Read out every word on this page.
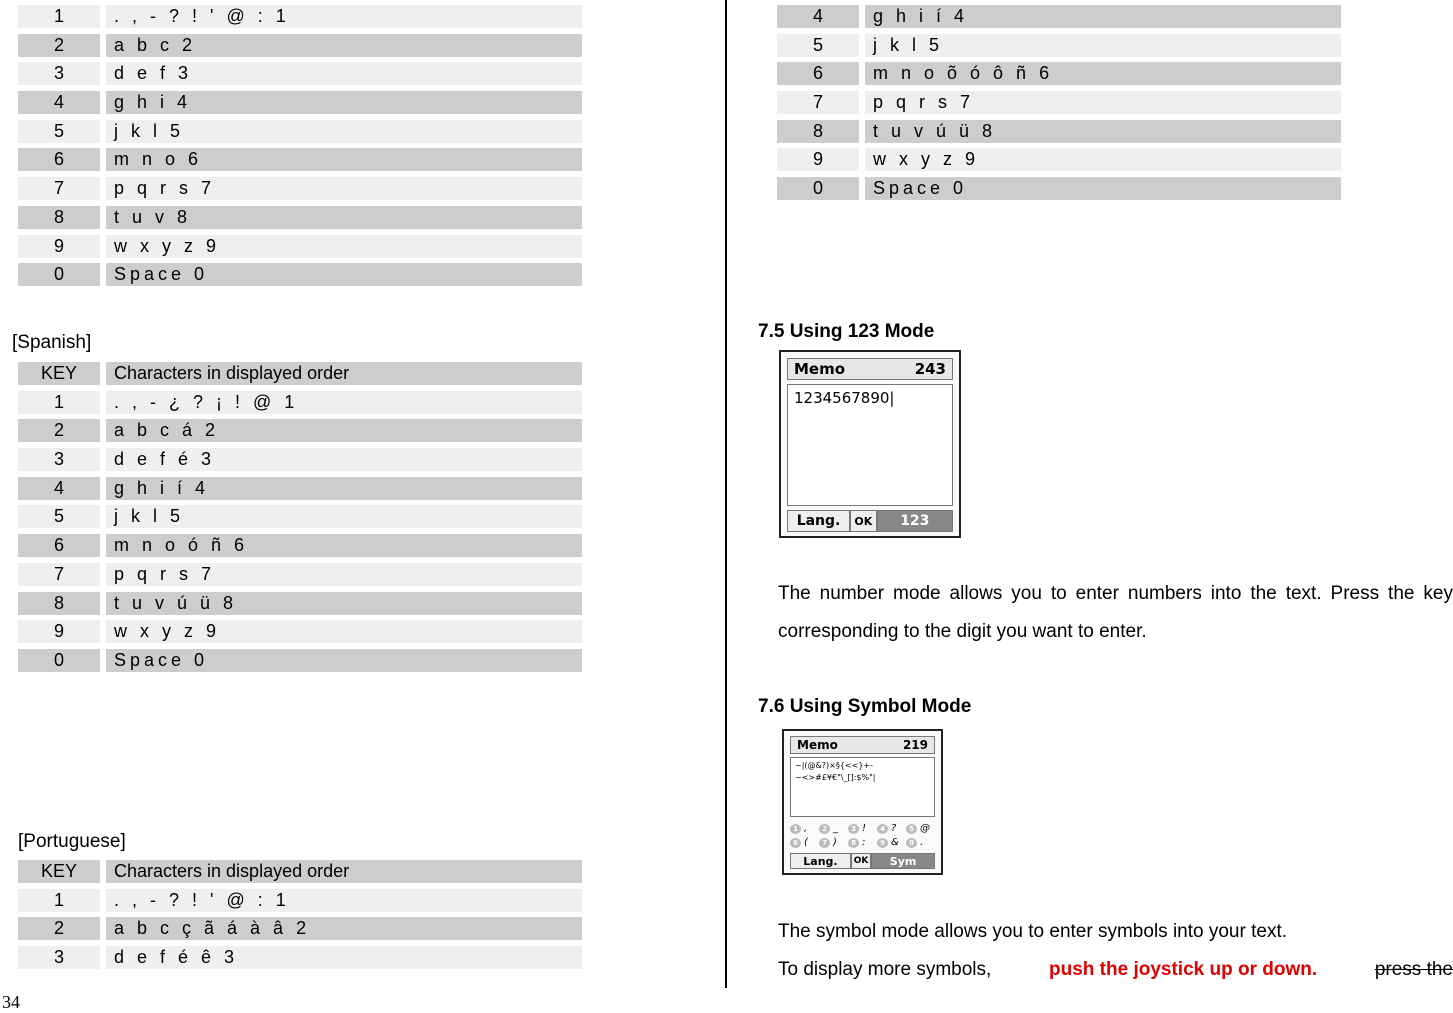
1	. , - ? ! ' @ : 1
2	a b c 2
3	d e f 3
4	g h i 4
5	j k l 5
6	m n o 6
7	p q r s 7
8	t u v 8
9	w x y z 9
0	Space 0
[Spanish]
KEY	Characters in displayed order
1	. , - ¿ ? ¡ ! @ 1
2	a b c á 2
3	d e f é 3
4	g h i í 4
5	j k l 5
6	m n o ó ñ 6
7	p q r s 7
8	t u v ú ü 8
9	w x y z 9
0	Space 0
[Portuguese]
KEY	Characters in displayed order
1	. , - ? ! ' @ : 1
2	a b c ç ã á à â 2
3	d e f é ê 3
34
4	g h i í 4
5	j k l 5
6	m n o õ ó ô ñ 6
7	p q r s 7
8	t u v ú ü 8
9	w x y z 9
0	Space 0
7.5 Using 123 Mode
Memo	243
1234567890|
Lang.	OK	123
The number mode allows you to enter numbers into the text. Press the key corresponding to the digit you want to enter.
7.6 Using Symbol Mode
Memo	219
~|(@&?)×§{<<}+-
~<>#£¥€"\_[]:$%"|
1 ,	2 _	3 !	4 ?	5 @
6 (	7 )	8 :	9 &	0 .
Lang.	OK	Sym
The symbol mode allows you to enter symbols into your text.
To display more symbols,	push the joystick up or down.	press the
